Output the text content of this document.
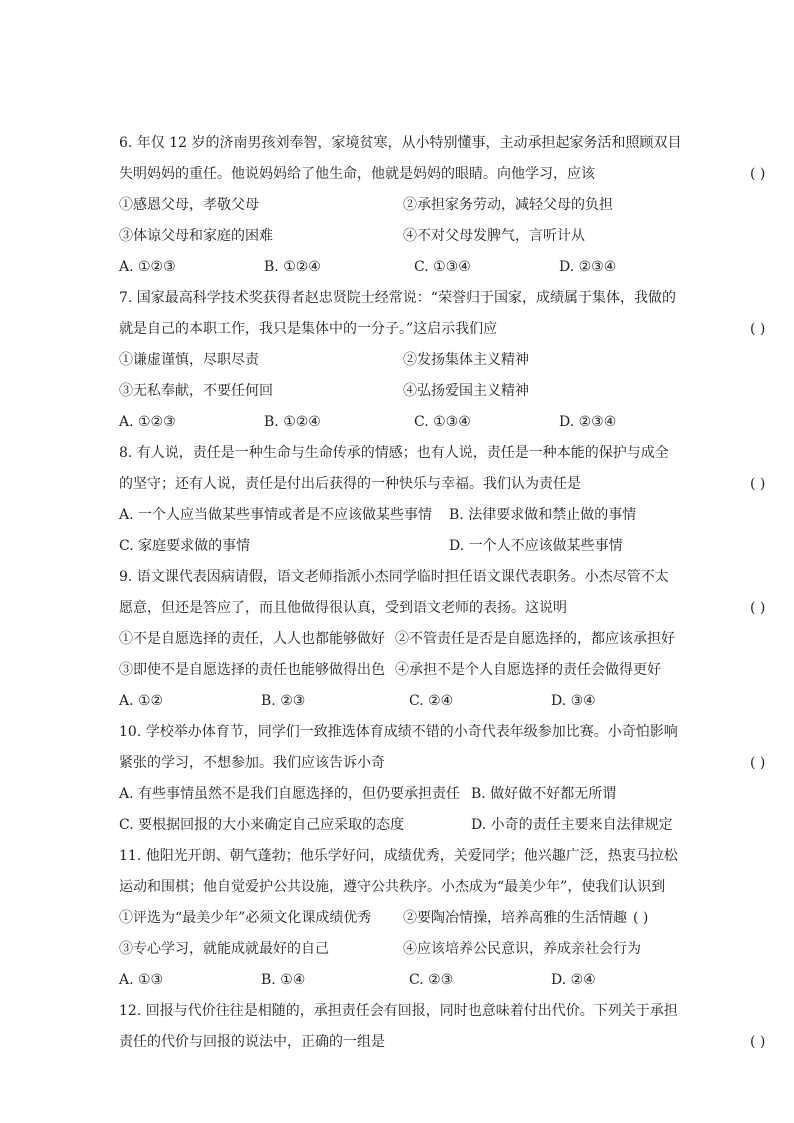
6. 年仅 12 岁的济南男孩刘奉智，家境贫寒，从小特别懂事，主动承担起家务活和照顾双目
失明妈妈的重任。他说妈妈给了他生命，他就是妈妈的眼睛。向他学习，应该	( )
①感恩父母，孝敬父母	②承担家务劳动，减轻父母的负担
③体谅父母和家庭的困难	④不对父母发脾气，言听计从
A. ①②③	B. ①②④	C. ①③④	D. ②③④
7. 国家最高科学技术奖获得者赵忠贤院士经常说：“荣誉归于国家，成绩属于集体，我做的
就是自己的本职工作，我只是集体中的一分子。”这启示我们应	( )
①谦虚谨慎，尽职尽责	②发扬集体主义精神
③无私奉献，不要任何回	④弘扬爱国主义精神
A. ①②③	B. ①②④	C. ①③④	D. ②③④
8. 有人说，责任是一种生命与生命传承的情感；也有人说，责任是一种本能的保护与成全
的坚守；还有人说，责任是付出后获得的一种快乐与幸福。我们认为责任是	( )
A. 一个人应当做某些事情或者是不应该做某些事情 B. 法律要求做和禁止做的事情
C. 家庭要求做的事情	D. 一个人不应该做某些事情
9. 语文课代表因病请假，语文老师指派小杰同学临时担任语文课代表职务。小杰尽管不太
愿意，但还是答应了，而且他做得很认真，受到语文老师的表扬。这说明	( )
①不是自愿选择的责任，人人也都能够做好 ②不管责任是否是自愿选择的，都应该承担好
③即使不是自愿选择的责任也能够做得出色 ④承担不是个人自愿选择的责任会做得更好
A. ①②	B. ②③	C. ②④	D. ③④
10. 学校举办体育节，同学们一致推选体育成绩不错的小奇代表年级参加比赛。小奇怕影响
紧张的学习，不想参加。我们应该告诉小奇	( )
A. 有些事情虽然不是我们自愿选择的，但仍要承担责任 B. 做好做不好都无所谓
C. 要根据回报的大小来确定自己应采取的态度	D. 小奇的责任主要来自法律规定
11. 他阳光开朗、朝气蓬勃；他乐学好问，成绩优秀，关爱同学；他兴趣广泛，热衷马拉松
运动和围棋；他自觉爱护公共设施，遵守公共秩序。小杰成为“最美少年”，使我们认识到
①评选为“最美少年”必须文化课成绩优秀 ②要陶冶情操，培养高雅的生活情趣 ( )
③专心学习，就能成就最好的自己	④应该培养公民意识，养成亲社会行为
A. ①③	B. ①④	C. ②③	D. ②④
12. 回报与代价往往是相随的，承担责任会有回报，同时也意味着付出代价。下列关于承担
责任的代价与回报的说法中，正确的一组是	( )
